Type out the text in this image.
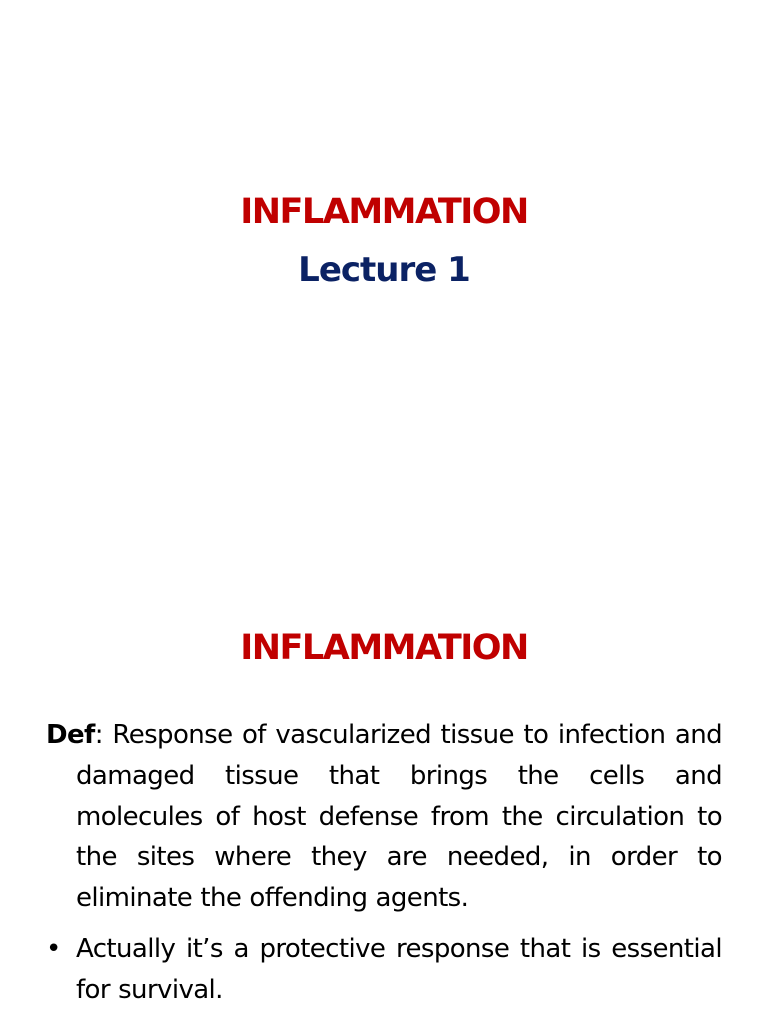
INFLAMMATION
Lecture 1
INFLAMMATION
Def: Response of vascularized tissue to infection and damaged tissue that brings the cells and molecules of host defense from the circulation to the sites where they are needed, in order to eliminate the offending agents.
• Actually it’s a protective response that is essential for survival.
